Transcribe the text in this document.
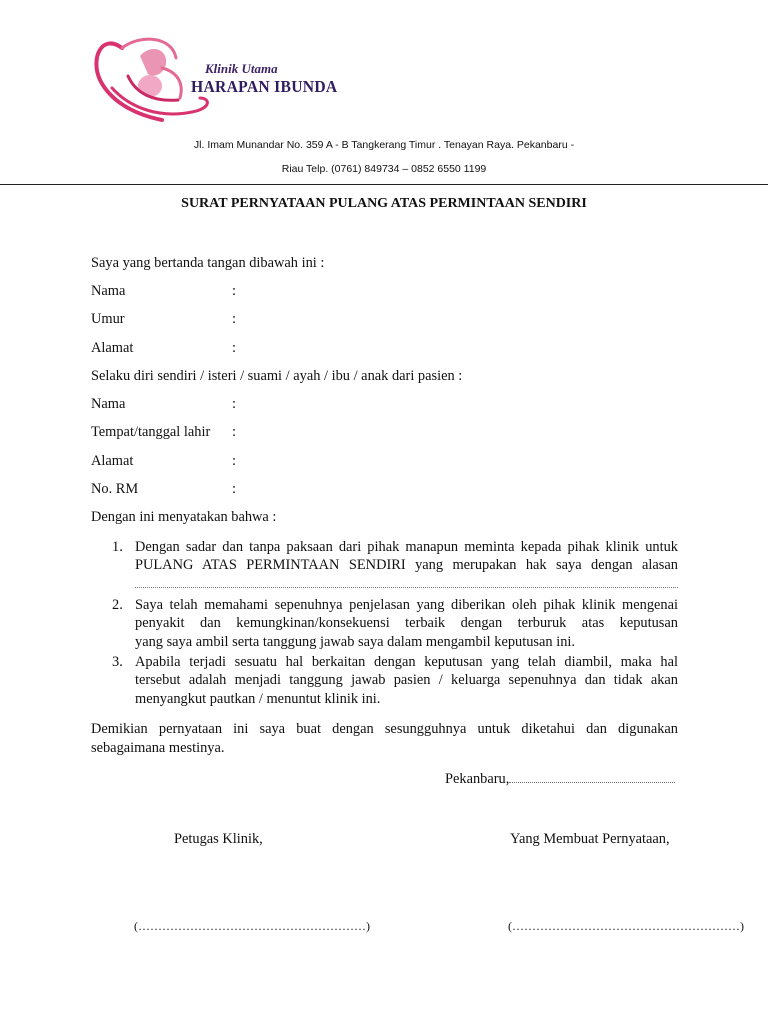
Klinik Utama
HARAPAN IBUNDA
Jl. Imam Munandar No. 359 A - B Tangkerang Timur . Tenayan Raya. Pekanbaru -
Riau Telp. (0761) 849734 – 0852 6550 1199
SURAT PERNYATAAN PULANG ATAS PERMINTAAN SENDIRI
Saya yang bertanda tangan dibawah ini :
Nama	:
Umur	:
Alamat	:
Selaku diri sendiri / isteri / suami / ayah / ibu / anak dari pasien :
Nama	:
Tempat/tanggal lahir :
Alamat	:
No. RM	:
Dengan ini menyatakan bahwa :
1. Dengan sadar dan tanpa paksaan dari pihak manapun meminta kepada pihak klinik untuk
PULANG ATAS PERMINTAAN SENDIRI yang merupakan hak saya dengan alasan
2. Saya telah memahami sepenuhnya penjelasan yang diberikan oleh pihak klinik mengenai
penyakit dan kemungkinan/konsekuensi terbaik dengan terburuk atas keputusan
yang saya ambil serta tanggung jawab saya dalam mengambil keputusan ini.
3. Apabila terjadi sesuatu hal berkaitan dengan keputusan yang telah diambil, maka hal
tersebut adalah menjadi tanggung jawab pasien / keluarga sepenuhnya dan tidak akan
menyangkut pautkan / menuntut klinik ini.
Demikian pernyataan ini saya buat dengan sesungguhnya untuk diketahui dan digunakan
sebagaimana mestinya.
Pekanbaru,
Petugas Klinik,	Yang Membuat Pernyataan,
(…………………………………………………)	(…………………………………………………)
